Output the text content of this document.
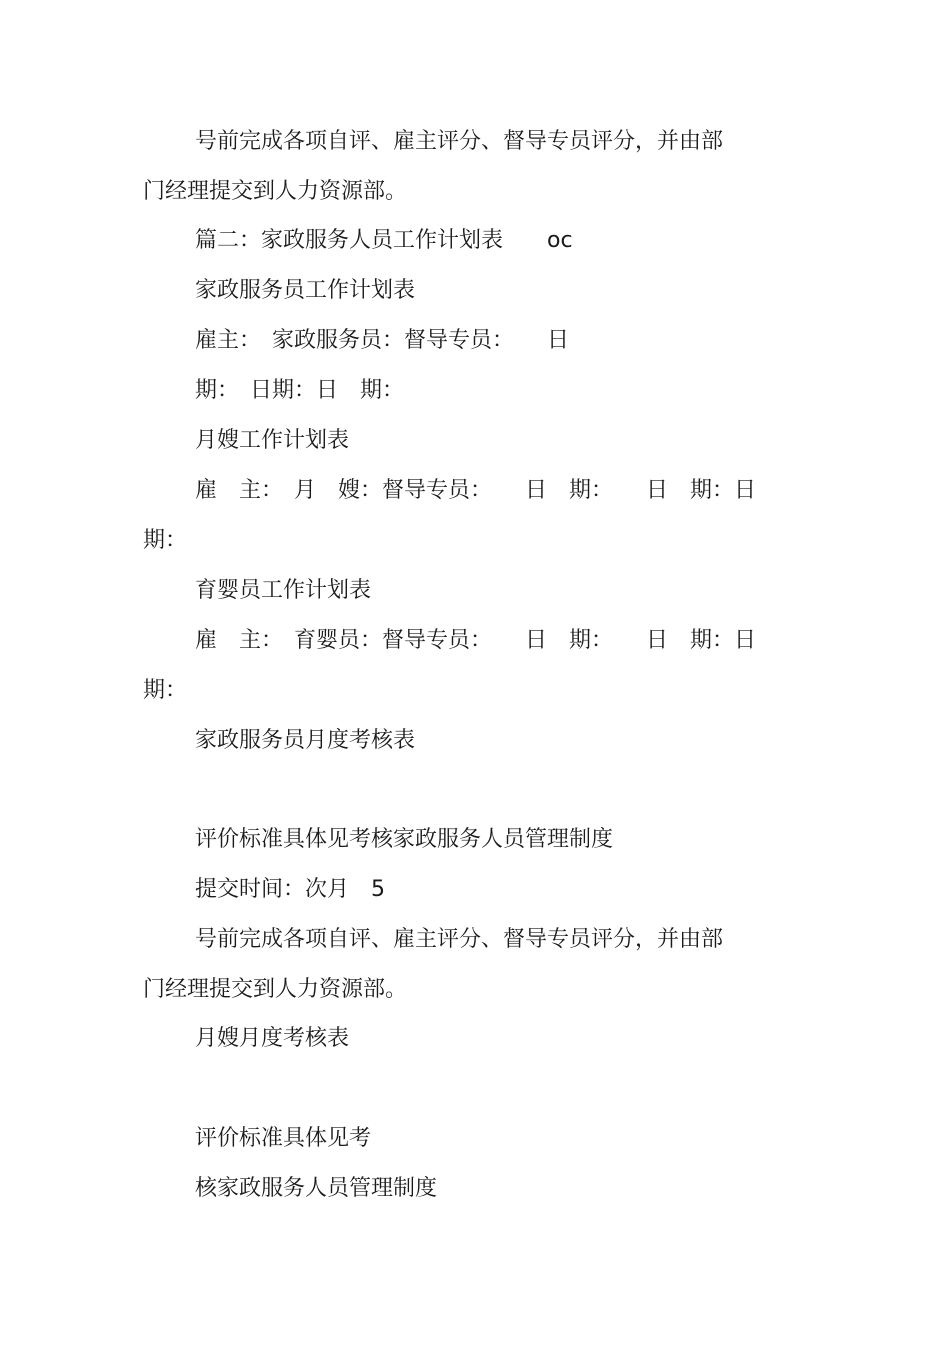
号前完成各项自评、雇主评分、督导专员评分，并由部
门经理提交到人力资源部。
篇二：家政服务人员工作计划表　　oc
家政服务员工作计划表
雇主：　家政服务员：督导专员：　　日
期：　日期：日　期：
月嫂工作计划表
雇　主：　月　嫂：督导专员：　　日　期：　　日　期：日
期：
育婴员工作计划表
雇　主：　育婴员：督导专员：　　日　期：　　日　期：日
期：
家政服务员月度考核表
评价标准具体见考核家政服务人员管理制度
提交时间：次月　5
号前完成各项自评、雇主评分、督导专员评分，并由部
门经理提交到人力资源部。
月嫂月度考核表
评价标准具体见考
核家政服务人员管理制度
